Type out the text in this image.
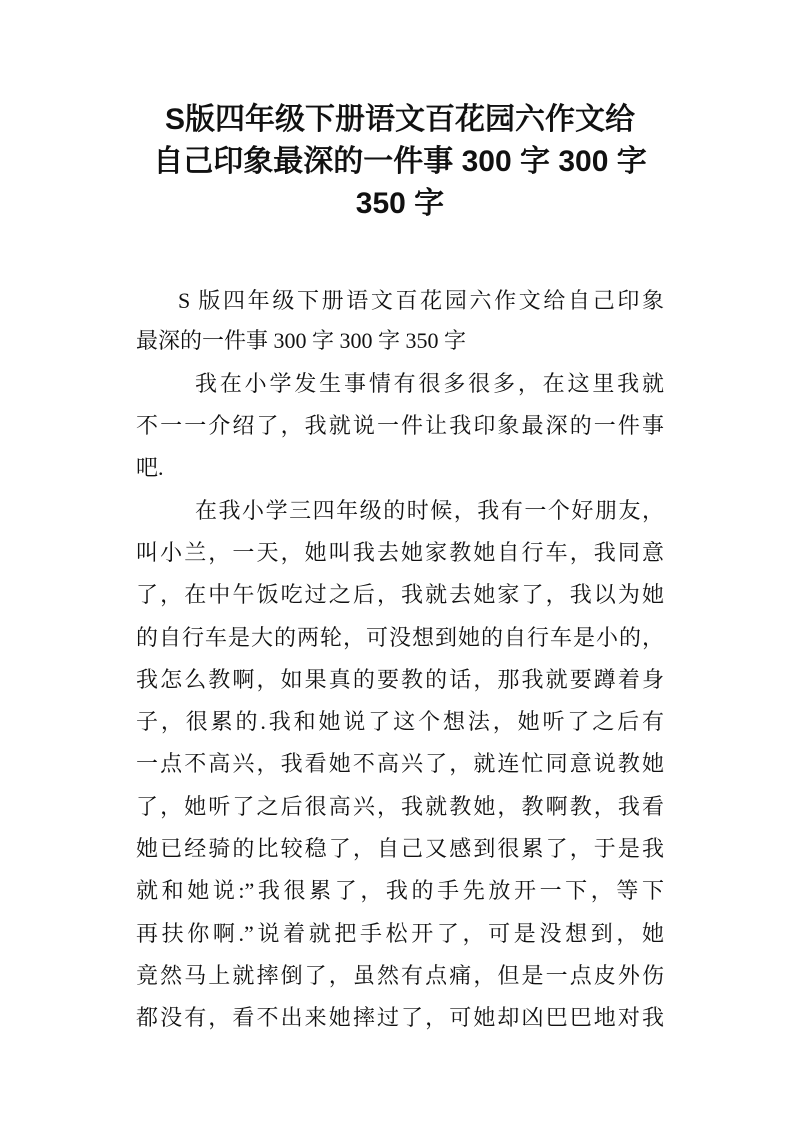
S版四年级下册语文百花园六作文给
自己印象最深的一件事 300 字 300 字
350 字
S 版四年级下册语文百花园六作文给自己印象
最深的一件事 300 字 300 字 350 字
我在小学发生事情有很多很多，在这里我就
不一一介绍了，我就说一件让我印象最深的一件事
吧.
在我小学三四年级的时候，我有一个好朋友，
叫小兰，一天，她叫我去她家教她自行车，我同意
了，在中午饭吃过之后，我就去她家了，我以为她
的自行车是大的两轮，可没想到她的自行车是小的，
我怎么教啊，如果真的要教的话，那我就要蹲着身
子，很累的.我和她说了这个想法，她听了之后有
一点不高兴，我看她不高兴了，就连忙同意说教她
了，她听了之后很高兴，我就教她，教啊教，我看
她已经骑的比较稳了，自己又感到很累了，于是我
就和她说:”我很累了，我的手先放开一下，等下
再扶你啊.”说着就把手松开了，可是没想到，她
竟然马上就摔倒了，虽然有点痛，但是一点皮外伤
都没有，看不出来她摔过了，可她却凶巴巴地对我
